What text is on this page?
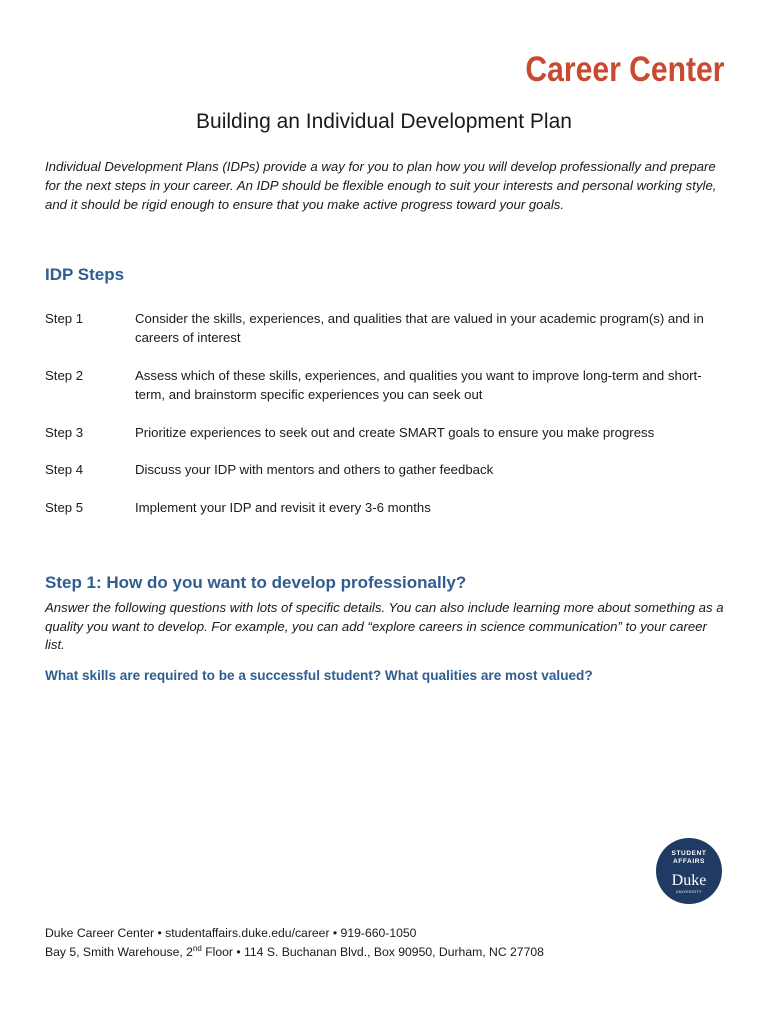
Career Center
Building an Individual Development Plan
Individual Development Plans (IDPs) provide a way for you to plan how you will develop professionally and prepare for the next steps in your career. An IDP should be flexible enough to suit your interests and personal working style, and it should be rigid enough to ensure that you make active progress toward your goals.
IDP Steps
Step 1	Consider the skills, experiences, and qualities that are valued in your academic program(s) and in careers of interest
Step 2	Assess which of these skills, experiences, and qualities you want to improve long-term and short-term, and brainstorm specific experiences you can seek out
Step 3	Prioritize experiences to seek out and create SMART goals to ensure you make progress
Step 4	Discuss your IDP with mentors and others to gather feedback
Step 5	Implement your IDP and revisit it every 3-6 months
Step 1: How do you want to develop professionally?
Answer the following questions with lots of specific details. You can also include learning more about something as a quality you want to develop. For example, you can add “explore careers in science communication” to your career list.
What skills are required to be a successful student? What qualities are most valued?
STUDENT
AFFAIRS
Duke
UNIVERSITY
Duke Career Center • studentaffairs.duke.edu/career • 919-660-1050
Bay 5, Smith Warehouse, 2nd Floor • 114 S. Buchanan Blvd., Box 90950, Durham, NC 27708
